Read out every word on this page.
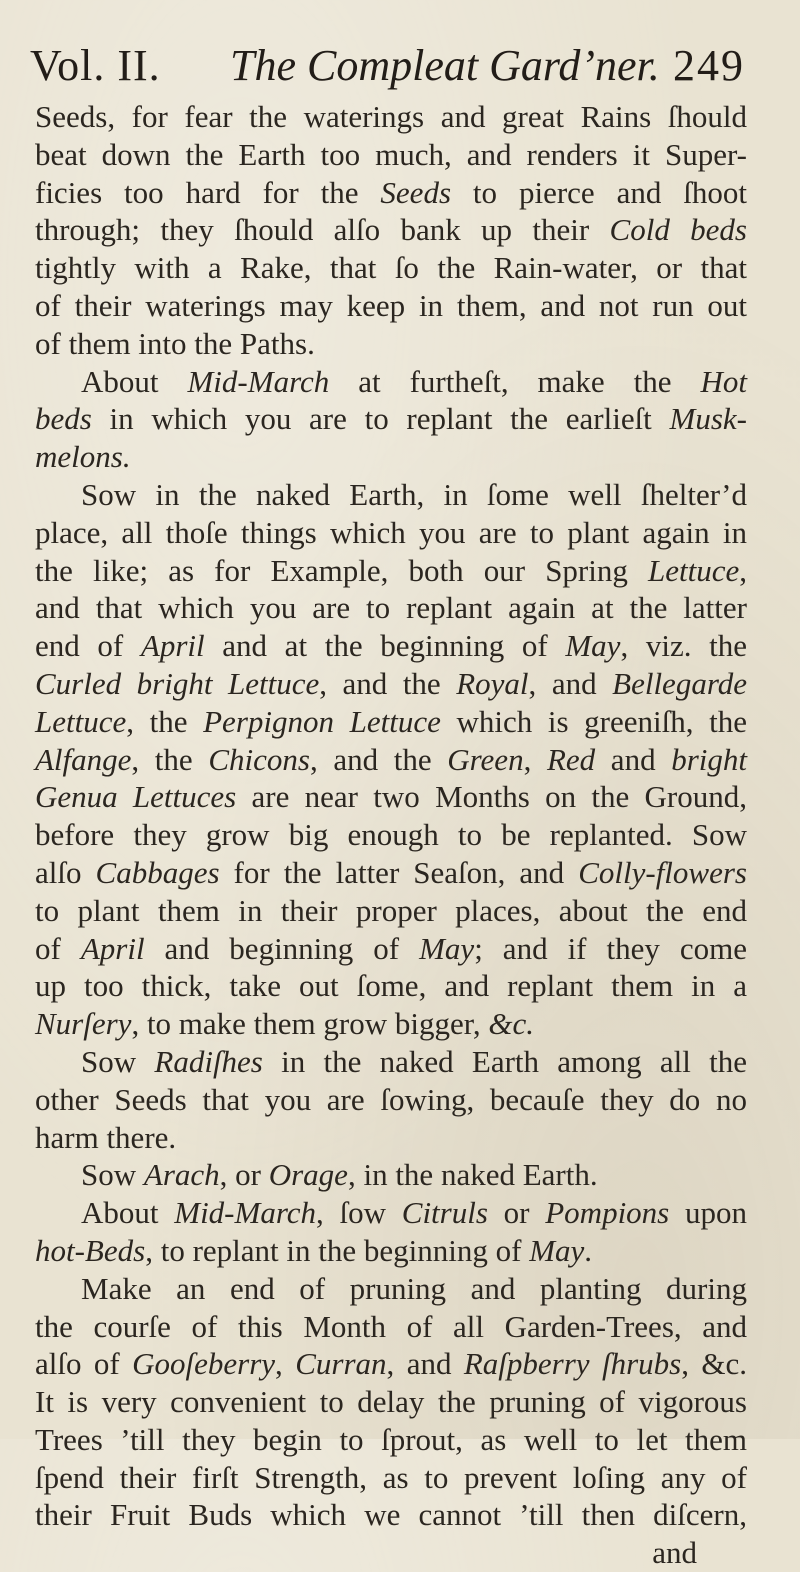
Vol. II. The Compleat Gard’ner. 249
Seeds, for fear the waterings and great Rains ſhould
beat down the Earth too much, and renders it Super-
ficies too hard for the Seeds to pierce and ſhoot
through; they ſhould alſo bank up their Cold beds
tightly with a Rake, that ſo the Rain-water, or that
of their waterings may keep in them, and not run out
of them into the Paths.
About Mid-March at furtheſt, make the Hot
beds in which you are to replant the earlieſt Musk-
melons.
Sow in the naked Earth, in ſome well ſhelter’d
place, all thoſe things which you are to plant again in
the like; as for Example, both our Spring Lettuce,
and that which you are to replant again at the latter
end of April and at the beginning of May, viz. the
Curled bright Lettuce, and the Royal, and Bellegarde
Lettuce, the Perpignon Lettuce which is greeniſh, the
Alfange, the Chicons, and the Green, Red and bright
Genua Lettuces are near two Months on the Ground,
before they grow big enough to be replanted. Sow
alſo Cabbages for the latter Seaſon, and Colly-flowers
to plant them in their proper places, about the end
of April and beginning of May; and if they come
up too thick, take out ſome, and replant them in a
Nurſery, to make them grow bigger, &c.
Sow Radiſhes in the naked Earth among all the
other Seeds that you are ſowing, becauſe they do no
harm there.
Sow Arach, or Orage, in the naked Earth.
About Mid-March, ſow Citruls or Pompions upon
hot-Beds, to replant in the beginning of May.
Make an end of pruning and planting during
the courſe of this Month of all Garden-Trees, and
alſo of Gooſeberry, Curran, and Raſpberry ſhrubs, &c.
It is very convenient to delay the pruning of vigorous
Trees ’till they begin to ſprout, as well to let them
ſpend their firſt Strength, as to prevent loſing any of
their Fruit Buds which we cannot ’till then diſcern,
and
